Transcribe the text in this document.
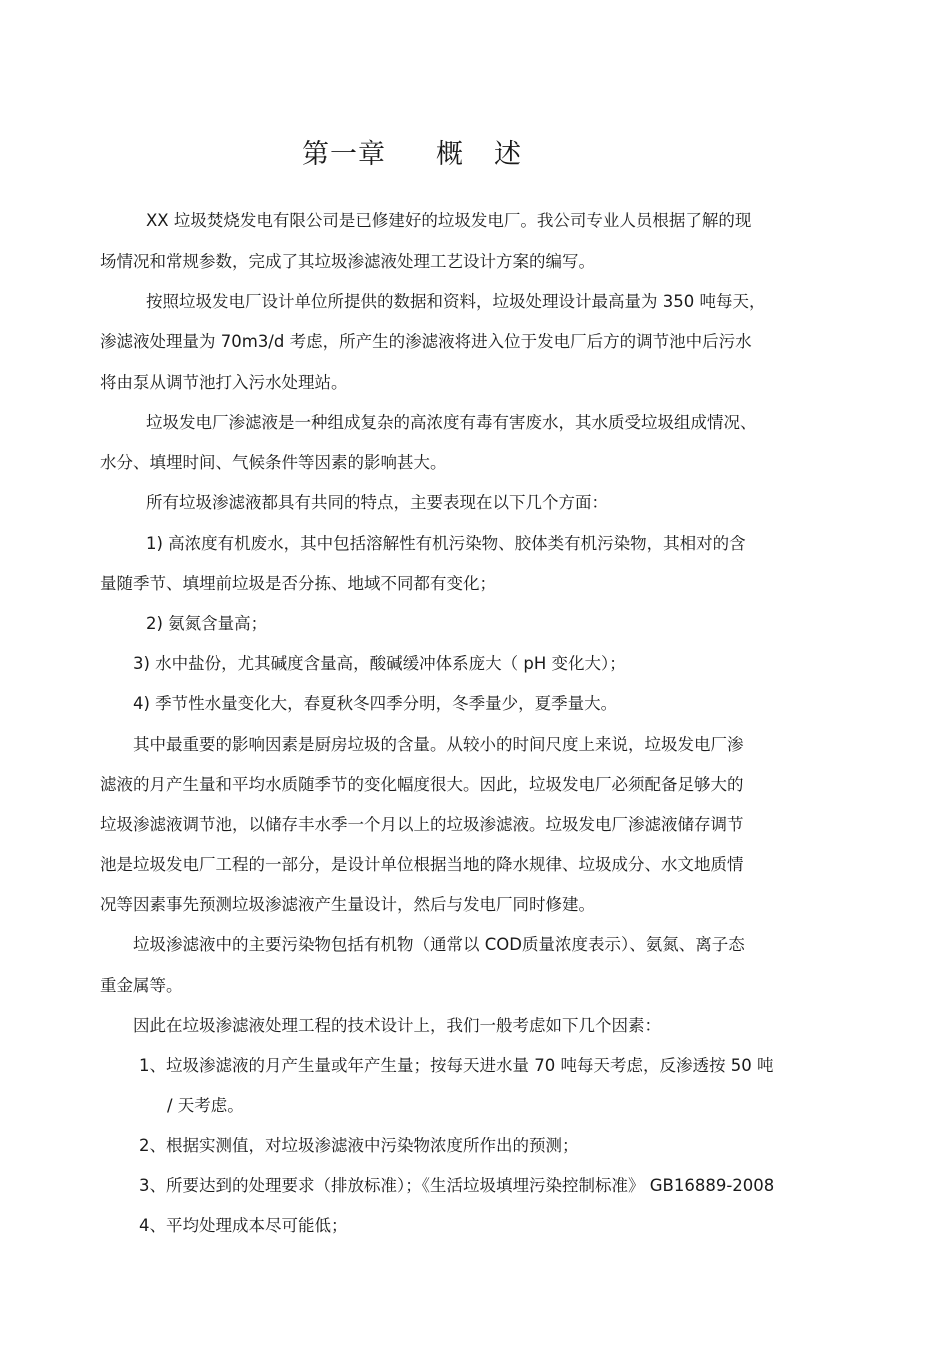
第一章 概 述
XX 垃圾焚烧发电有限公司是已修建好的垃圾发电厂。我公司专业人员根据了解的现
场情况和常规参数，完成了其垃圾渗滤液处理工艺设计方案的编写。
按照垃圾发电厂设计单位所提供的数据和资料，垃圾处理设计最高量为 350 吨每天，
渗滤液处理量为 70m3/d 考虑，所产生的渗滤液将进入位于发电厂后方的调节池中后污水
将由泵从调节池打入污水处理站。
垃圾发电厂渗滤液是一种组成复杂的高浓度有毒有害废水，其水质受垃圾组成情况、
水分、填埋时间、气候条件等因素的影响甚大。
所有垃圾渗滤液都具有共同的特点，主要表现在以下几个方面：
1) 高浓度有机废水，其中包括溶解性有机污染物、胶体类有机污染物，其相对的含
量随季节、填埋前垃圾是否分拣、地域不同都有变化；
2) 氨氮含量高；
3) 水中盐份，尤其碱度含量高，酸碱缓冲体系庞大（ pH 变化大）；
4) 季节性水量变化大，春夏秋冬四季分明，冬季量少，夏季量大。
其中最重要的影响因素是厨房垃圾的含量。从较小的时间尺度上来说，垃圾发电厂渗
滤液的月产生量和平均水质随季节的变化幅度很大。因此，垃圾发电厂必须配备足够大的
垃圾渗滤液调节池，以储存丰水季一个月以上的垃圾渗滤液。垃圾发电厂渗滤液储存调节
池是垃圾发电厂工程的一部分，是设计单位根据当地的降水规律、垃圾成分、水文地质情
况等因素事先预测垃圾渗滤液产生量设计，然后与发电厂同时修建。
垃圾渗滤液中的主要污染物包括有机物（通常以 COD质量浓度表示）、氨氮、离子态
重金属等。
因此在垃圾渗滤液处理工程的技术设计上，我们一般考虑如下几个因素：
1、垃圾渗滤液的月产生量或年产生量；按每天进水量 70 吨每天考虑，反渗透按 50 吨
/ 天考虑。
2、根据实测值，对垃圾渗滤液中污染物浓度所作出的预测；
3、所要达到的处理要求（排放标准）；《生活垃圾填埋污染控制标准》 GB16889-2008
4、平均处理成本尽可能低；
